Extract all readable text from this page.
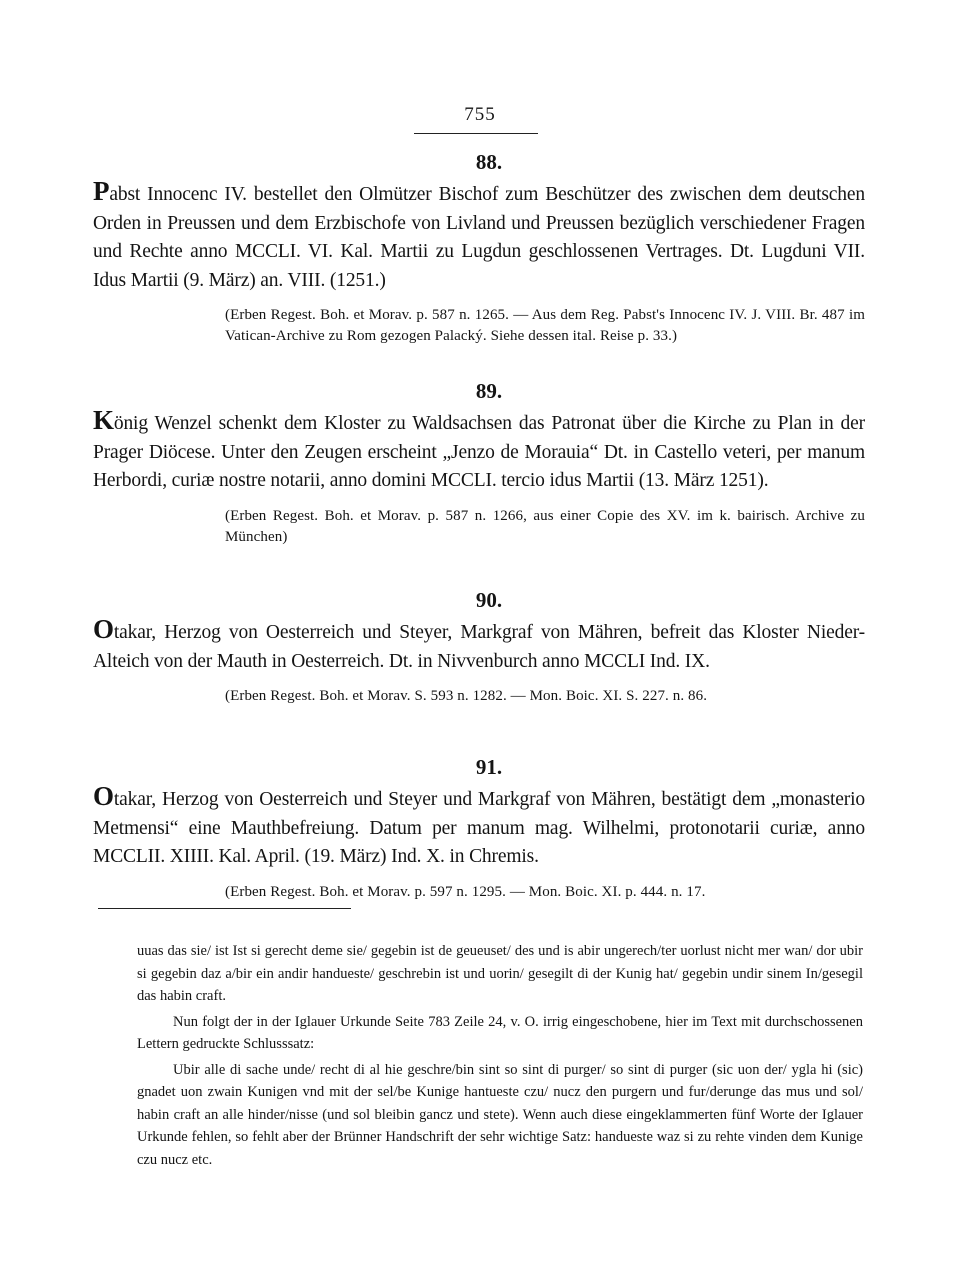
755
88.
Pabst Innocenc IV. bestellet den Olmützer Bischof zum Beschützer des zwischen dem deutschen Orden in Preussen und dem Erzbischofe von Livland und Preussen bezüglich verschiedener Fragen und Rechte anno MCCLI. VI. Kal. Martii zu Lugdun geschlossenen Vertrages. Dt. Lugduni VII. Idus Martii (9. März) an. VIII. (1251.)
(Erben Regest. Boh. et Morav. p. 587 n. 1265. — Aus dem Reg. Pabst's Innocenc IV. J. VIII. Br. 487 im Vatican-Archive zu Rom gezogen Palacký. Siehe dessen ital. Reise p. 33.)
89.
König Wenzel schenkt dem Kloster zu Waldsachsen das Patronat über die Kirche zu Plan in der Prager Diöcese. Unter den Zeugen erscheint „Jenzo de Morauia“ Dt. in Castello veteri, per manum Herbordi, curiæ nostre notarii, anno domini MCCLI. tercio idus Martii (13. März 1251).
(Erben Regest. Boh. et Morav. p. 587 n. 1266, aus einer Copie des XV. im k. bairisch. Archive zu München)
90.
Otakar, Herzog von Oesterreich und Steyer, Markgraf von Mähren, befreit das Kloster Nieder-Alteich von der Mauth in Oesterreich. Dt. in Nivvenburch anno MCCLI Ind. IX.
(Erben Regest. Boh. et Morav. S. 593 n. 1282. — Mon. Boic. XI. S. 227. n. 86.
91.
Otakar, Herzog von Oesterreich und Steyer und Markgraf von Mähren, bestätigt dem „monasterio Metmensi“ eine Mauthbefreiung. Datum per manum mag. Wilhelmi, protonotarii curiæ, anno MCCLII. XIIII. Kal. April. (19. März) Ind. X. in Chremis.
(Erben Regest. Boh. et Morav. p. 597 n. 1295. — Mon. Boic. XI. p. 444. n. 17.

uuas das sie/ ist Ist si gerecht deme sie/ gegebin ist de geueuset/ des und is abir ungerech/ter uorlust nicht mer wan/ dor ubir si gegebin daz a/bir ein andir handueste/ geschrebin ist und uorin/ gesegilt di der Kunig hat/ gegebin undir sinem In/gesegil das habin craft.

Nun folgt der in der Iglauer Urkunde Seite 783 Zeile 24, v. O. irrig eingeschobene, hier im Text mit durchschossenen Lettern gedruckte Schlusssatz:

Ubir alle di sache unde/ recht di al hie geschre/bin sint so sint di purger/ so sint di purger (sic uon der/ ygla hi (sic) gnadet uon zwain Kunigen vnd mit der sel/be Kunige hantueste czu/ nucz den purgern und fur/derunge das mus und sol/ habin craft an alle hinder/nisse (und sol bleibin gancz und stete). Wenn auch diese eingeklammerten fünf Worte der Iglauer Urkunde fehlen, so fehlt aber der Brünner Handschrift der sehr wichtige Satz: handueste waz si zu rehte vinden dem Kunige czu nucz etc.
